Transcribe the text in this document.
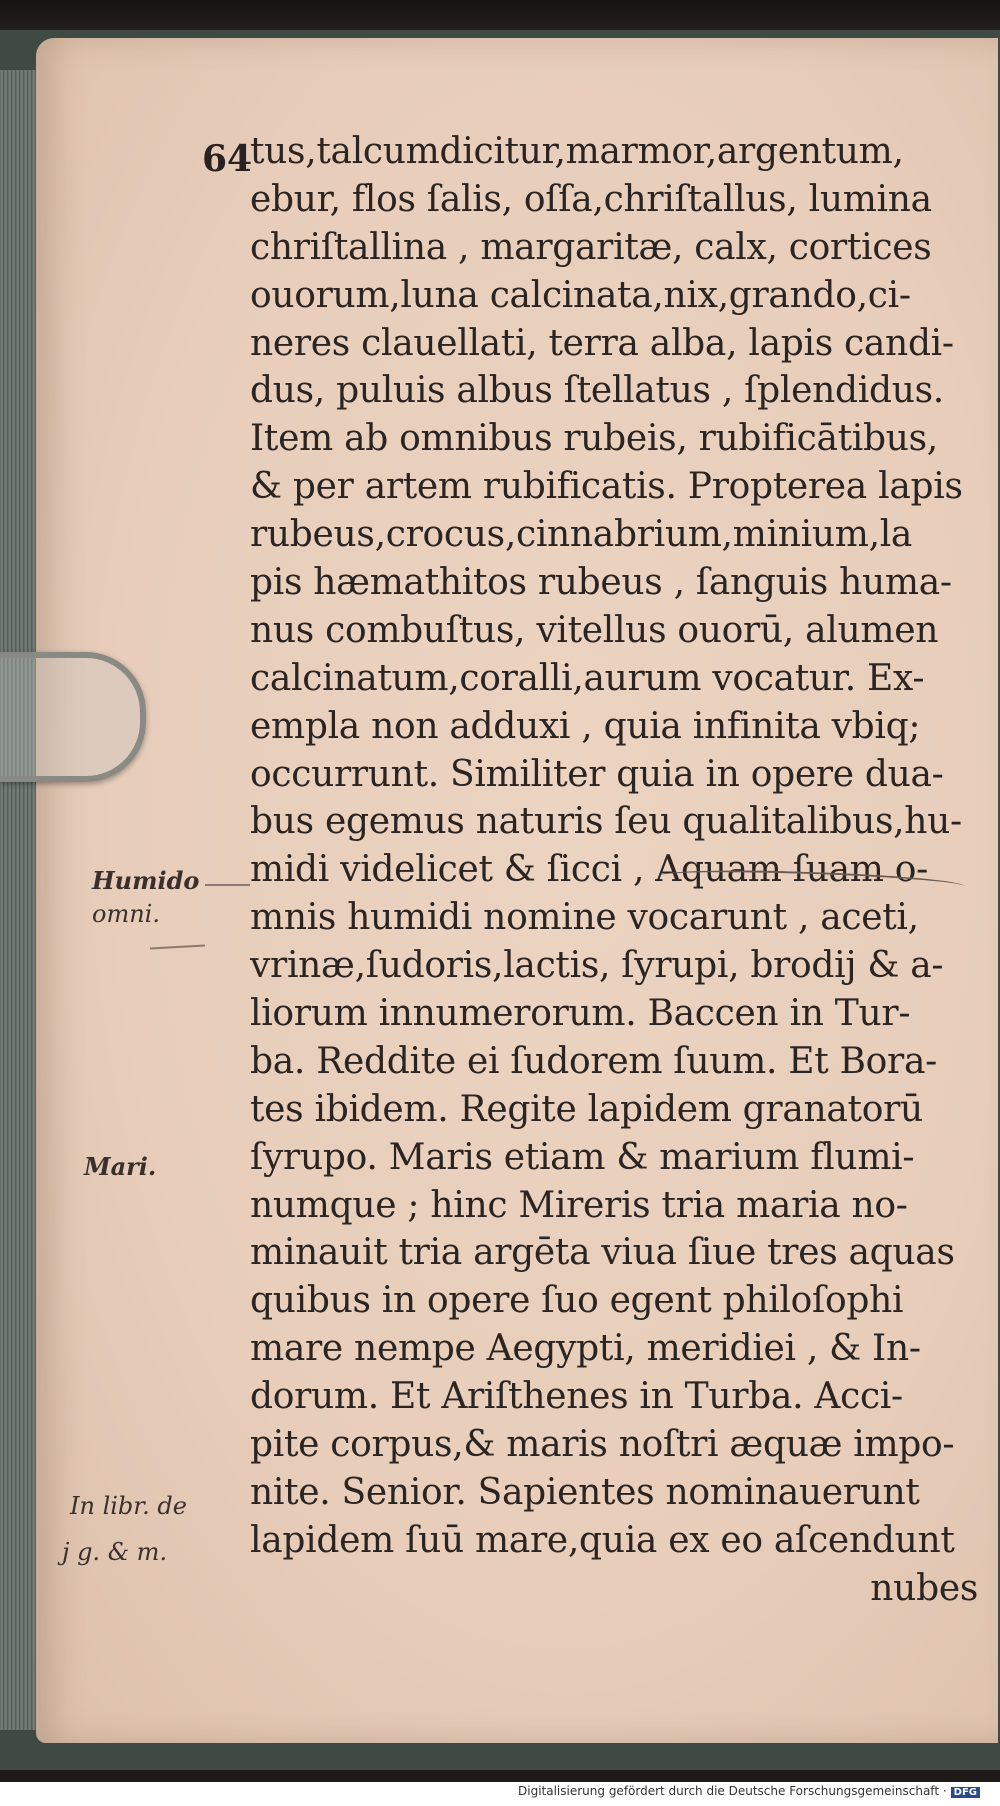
64

tus,talcumdicitur,marmor,argentum,
ebur, flos ſalis, oſſa,chriſtallus, lumina
chriſtallina , margaritæ, calx, cortices
ouorum,luna calcinata,nix,grando,ci-
neres clauellati, terra alba, lapis candi-
dus, puluis albus ſtellatus , ſplendidus.
Item ab omnibus rubeis, rubificātibus,
& per artem rubificatis. Propterea lapis
rubeus,crocus,cinnabrium,minium,la
pis hæmathitos rubeus , ſanguis huma-
nus combuſtus, vitellus ouorū, alumen
calcinatum,coralli,aurum vocatur. Ex-
empla non adduxi , quia infinita vbiq;
occurrunt. Similiter quia in opere dua-
bus egemus naturis ſeu qualitalibus,hu-
midi videlicet & ſicci , Aquam ſuam o-
mnis humidi nomine vocarunt , aceti,
vrinæ,ſudoris,lactis, ſyrupi, brodij & a-
liorum innumerorum. Baccen in Tur-
ba. Reddite ei ſudorem ſuum. Et Bora-
tes ibidem. Regite lapidem granatorū
ſyrupo. Maris etiam & marium flumi-
numque ; hinc Mireris tria maria no-
minauit tria argēta viua ſiue tres aquas
quibus in opere ſuo egent philoſophi
mare nempe Aegypti, meridiei , & In-
dorum. Et Ariſthenes in Turba. Acci-
pite corpus,& maris noſtri æquæ impo-
nite. Senior. Sapientes nominauerunt
lapidem ſuū mare,quia ex eo aſcendunt
nubes

Humido

omni.

Mari.

In libr. de

j g. & m.

Digitalisierung gefördert durch die Deutsche Forschungsgemeinschaft · DFG
